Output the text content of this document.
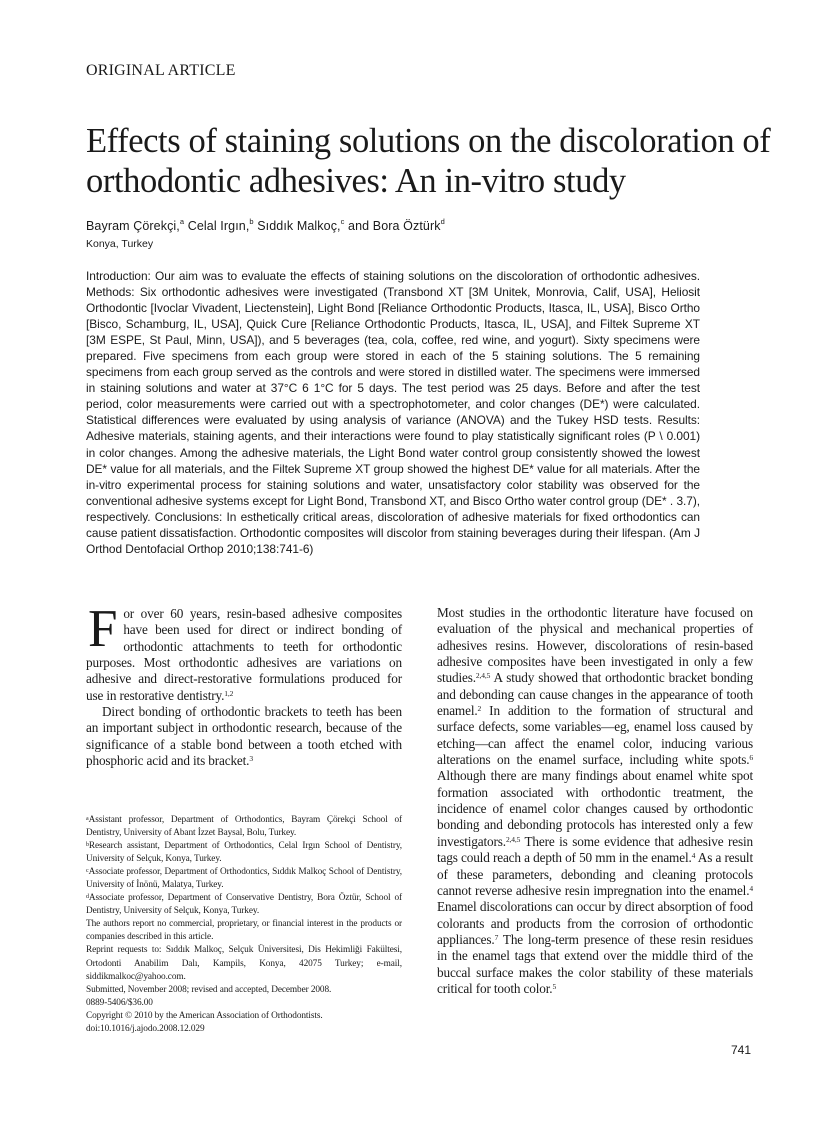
ORIGINAL ARTICLE
Effects of staining solutions on the discoloration of orthodontic adhesives: An in-vitro study
Bayram Çörekçi,$^a$ Celal Irgın,$^b$ Sıddık Malkoç,$^c$ and Bora Öztürk$^d$
Konya, Turkey
Introduction: Our aim was to evaluate the effects of staining solutions on the discoloration of orthodontic adhesives. Methods: Six orthodontic adhesives were investigated (Transbond XT [3M Unitek, Monrovia, Calif, USA], Heliosit Orthodontic [Ivoclar Vivadent, Liectenstein], Light Bond [Reliance Orthodontic Products, Itasca, IL, USA], Bisco Ortho [Bisco, Schamburg, IL, USA], Quick Cure [Reliance Orthodontic Products, Itasca, IL, USA], and Filtek Supreme XT [3M ESPE, St Paul, Minn, USA]), and 5 beverages (tea, cola, coffee, red wine, and yogurt). Sixty specimens were prepared. Five specimens from each group were stored in each of the 5 staining solutions. The 5 remaining specimens from each group served as the controls and were stored in distilled water. The specimens were immersed in staining solutions and water at 37°C 6 1°C for 5 days. The test period was 25 days. Before and after the test period, color measurements were carried out with a spectrophotometer, and color changes (DE*) were calculated. Statistical differences were evaluated by using analysis of variance (ANOVA) and the Tukey HSD tests. Results: Adhesive materials, staining agents, and their interactions were found to play statistically significant roles (P \ 0.001) in color changes. Among the adhesive materials, the Light Bond water control group consistently showed the lowest DE* value for all materials, and the Filtek Supreme XT group showed the highest DE* value for all materials. After the in-vitro experimental process for staining solutions and water, unsatisfactory color stability was observed for the conventional adhesive systems except for Light Bond, Transbond XT, and Bisco Ortho water control group (DE* . 3.7), respectively. Conclusions: In esthetically critical areas, discoloration of adhesive materials for fixed orthodontics can cause patient dissatisfaction. Orthodontic composites will discolor from staining beverages during their lifespan. (Am J Orthod Dentofacial Orthop 2010;138:741-6)

For over 60 years, resin-based adhesive composites have been used for direct or indirect bonding of orthodontic attachments to teeth for orthodontic purposes. Most orthodontic adhesives are variations on adhesive and direct-restorative formulations produced for use in restorative dentistry.$^{1,2}$

Direct bonding of orthodontic brackets to teeth has been an important subject in orthodontic research, because of the significance of a stable bond between a tooth etched with phosphoric acid and its bracket.$^3$

$^a$Assistant professor, Department of Orthodontics, Bayram Çörekçi School of Dentistry, University of Abant İzzet Baysal, Bolu, Turkey.

$^b$Research assistant, Department of Orthodontics, Celal Irgın School of Dentistry, University of Selçuk, Konya, Turkey.

$^c$Associate professor, Department of Orthodontics, Sıddık Malkoç School of Dentistry, University of İnönü, Malatya, Turkey.

$^d$Associate professor, Department of Conservative Dentistry, Bora Öztür, School of Dentistry, University of Selçuk, Konya, Turkey.

The authors report no commercial, proprietary, or financial interest in the products or companies described in this article.

Reprint requests to: Sıddık Malkoç, Selçuk Üniversitesi, Dis Hekimliği Fakültesi, Ortodonti Anabilim Dalı, Kampils, Konya, 42075 Turkey; e-mail, siddikmalkoc@yahoo.com.

Submitted, November 2008; revised and accepted, December 2008.

0889-5406/$36.00

Copyright © 2010 by the American Association of Orthodontists.

doi:10.1016/j.ajodo.2008.12.029

Most studies in the orthodontic literature have focused on evaluation of the physical and mechanical properties of adhesives resins. However, discolorations of resin-based adhesive composites have been investigated in only a few studies.$^{2,4,5}$ A study showed that orthodontic bracket bonding and debonding can cause changes in the appearance of tooth enamel.$^2$ In addition to the formation of structural and surface defects, some variables—eg, enamel loss caused by etching—can affect the enamel color, inducing various alterations on the enamel surface, including white spots.$^6$ Although there are many findings about enamel white spot formation associated with orthodontic treatment, the incidence of enamel color changes caused by orthodontic bonding and debonding protocols has interested only a few investigators.$^{2,4,5}$ There is some evidence that adhesive resin tags could reach a depth of 50 mm in the enamel.$^4$ As a result of these parameters, debonding and cleaning protocols cannot reverse adhesive resin impregnation into the enamel.$^4$ Enamel discolorations can occur by direct absorption of food colorants and products from the corrosion of orthodontic appliances.$^7$ The long-term presence of these resin residues in the enamel tags that extend over the middle third of the buccal surface makes the color stability of these materials critical for tooth color.$^5$

741
